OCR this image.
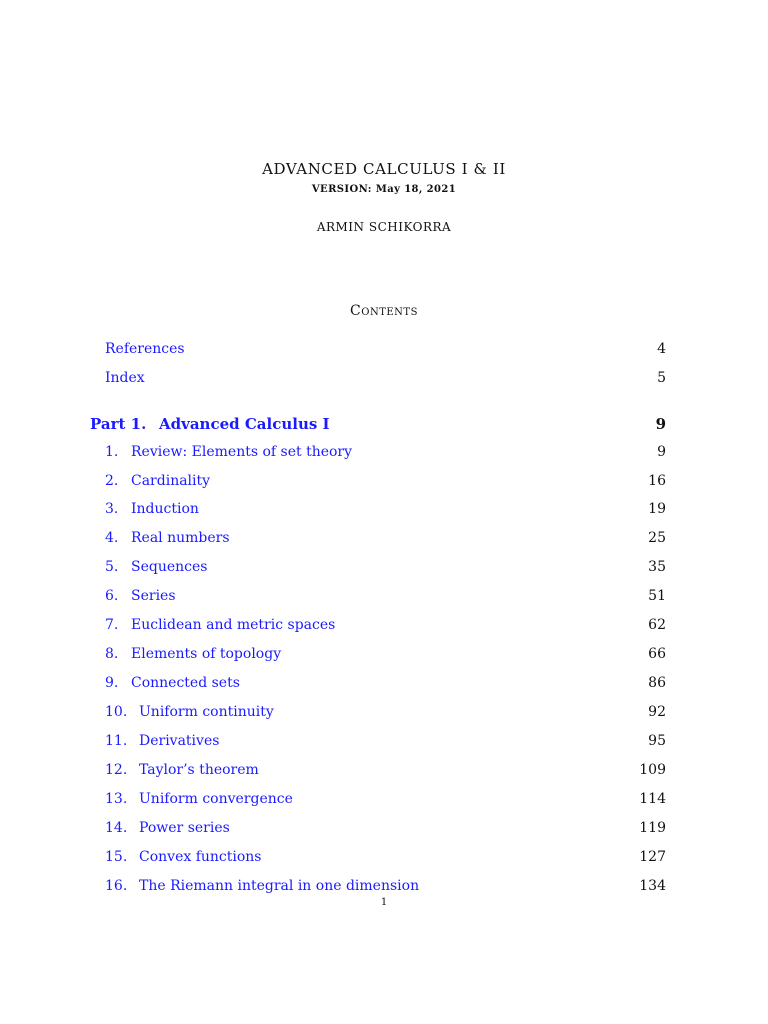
ADVANCED CALCULUS I & II
VERSION: May 18, 2021
ARMIN SCHIKORRA
Contents
References	4
Index	5
Part 1. Advanced Calculus I	9
1. Review: Elements of set theory	9
2. Cardinality	16
3. Induction	19
4. Real numbers	25
5. Sequences	35
6. Series	51
7. Euclidean and metric spaces	62
8. Elements of topology	66
9. Connected sets	86
10. Uniform continuity	92
11. Derivatives	95
12. Taylor’s theorem	109
13. Uniform convergence	114
14. Power series	119
15. Convex functions	127
16. The Riemann integral in one dimension	134
1
